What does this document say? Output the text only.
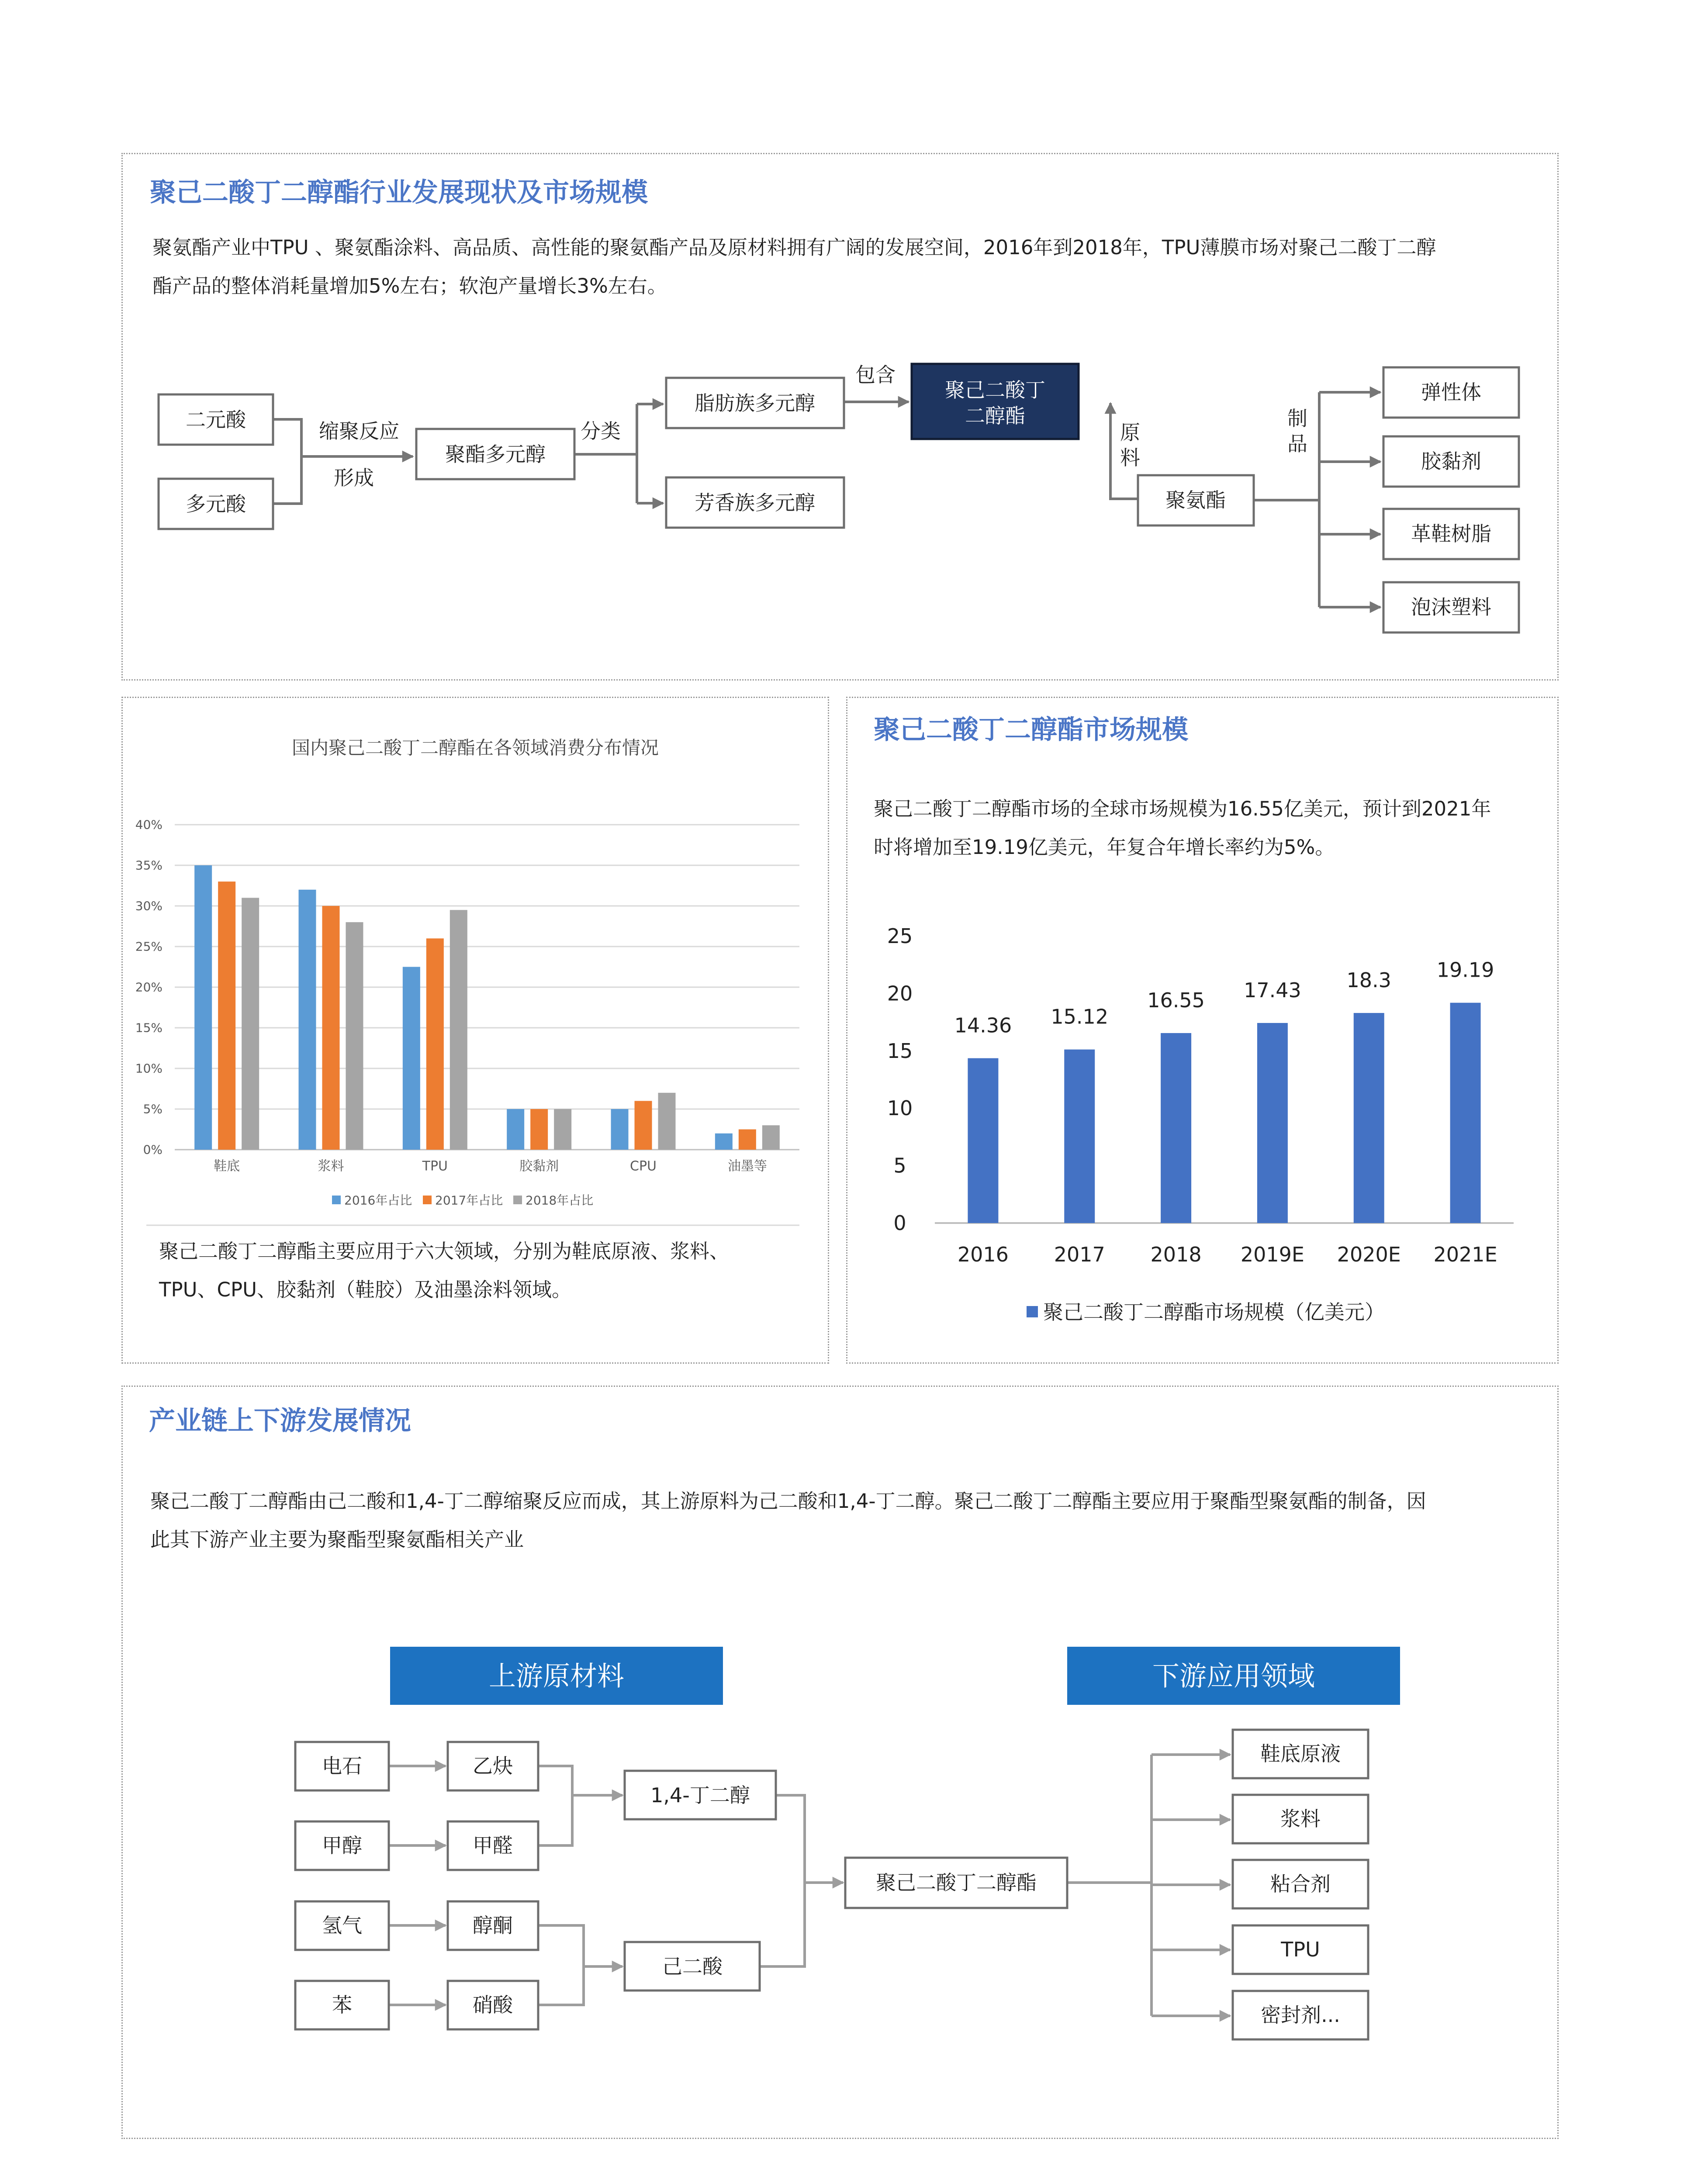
聚己二酸丁二醇酯行业发展现状及市场规模
聚氨酯产业中TPU 、聚氨酯涂料、高品质、高性能的聚氨酯产品及原材料拥有广阔的发展空间，2016年到2018年，TPU薄膜市场对聚己二酸丁二醇
酯产品的整体消耗量增加5%左右；软泡产量增长3%左右。
二元酸
多元酸
缩聚反应
形成
聚酯多元醇
分类
脂肪族多元醇
芳香族多元醇
包含
聚己二酸丁
二醇酯
原
料
聚氨酯
制
品
弹性体
胶黏剂
革鞋树脂
泡沫塑料
聚己二酸丁二醇酯主要应用于六大领域，分别为鞋底原液、浆料、
TPU、CPU、胶黏剂（鞋胶）及油墨涂料领域。
国内聚己二酸丁二醇酯在各领域消费分布情况
0%
5%
10%
15%
20%
25%
30%
35%
40%
鞋底	浆料	TPU	胶黏剂	CPU	油墨等
2016年占比 2017年占比 2018年占比
聚己二酸丁二醇酯市场规模
聚己二酸丁二醇酯市场的全球市场规模为16.55亿美元，预计到2021年
时将增加至19.19亿美元，年复合年增长率约为5%。
0
5
10
15
20
25
14.36
2016
15.12
2017
16.55
2018
17.43
2019E
18.3
2020E
19.19
2021E
聚己二酸丁二醇酯市场规模（亿美元）
产业链上下游发展情况
聚己二酸丁二醇酯由己二酸和1,4-丁二醇缩聚反应而成，其上游原料为己二酸和1,4-丁二醇。聚己二酸丁二醇酯主要应用于聚酯型聚氨酯的制备，因
此其下游产业主要为聚酯型聚氨酯相关产业
上游原材料	下游应用领域
电石
甲醇
氢气
苯
乙炔
甲醛
醇酮
硝酸
1,4-丁二醇
己二酸
聚己二酸丁二醇酯
鞋底原液
浆料
粘合剂
TPU
密封剂...
